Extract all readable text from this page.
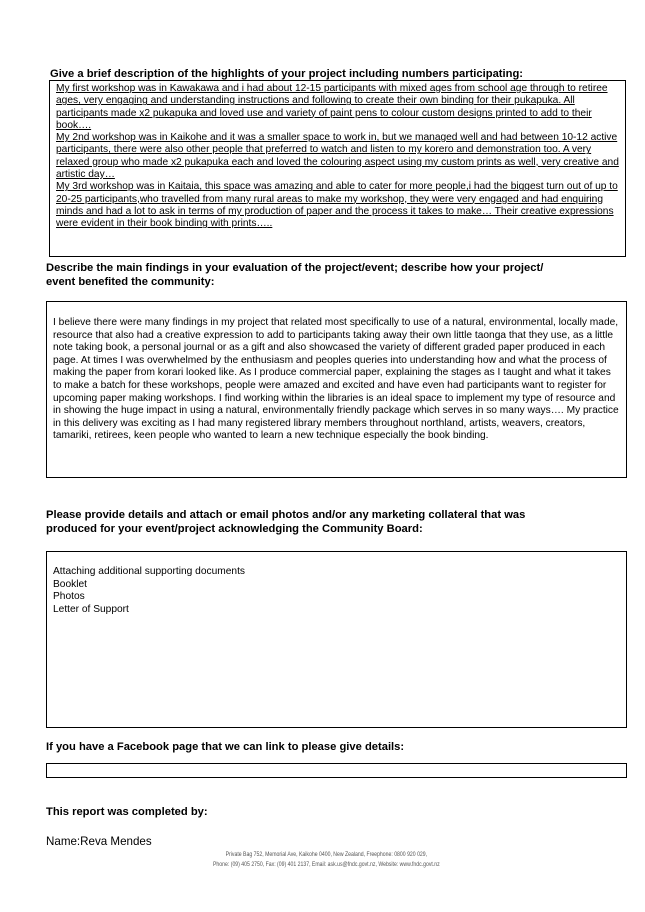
Give a brief description of the highlights of your project including numbers participating:

My first workshop was in Kawakawa and i had about 12-15 participants with mixed ages from school age through to retiree ages, very engaging and understanding instructions and following to create their own binding for their pukapuka. All participants made x2 pukapuka and loved use and variety of paint pens to colour custom designs printed to add to their book….

My 2nd workshop was in Kaikohe and it was a smaller space to work in, but we managed well and had between 10-12 active participants, there were also other people that preferred to watch and listen to my korero and demonstration too. A very relaxed group who made x2 pukapuka each and loved the colouring aspect using my custom prints as well, very creative and artistic day…

My 3rd workshop was in Kaitaia, this space was amazing and able to cater for more people,i had the biggest turn out of up to 20-25 participants,who travelled from many rural areas to make my workshop, they were very engaged and had enquiring minds and had a lot to ask in terms of my production of paper and the process it takes to make… Their creative expressions were evident in their book binding with prints…..

Describe the main findings in your evaluation of the project/event; describe how your project/
event benefited the community:

I believe there were many findings in my project that related most specifically to use of a natural, environmental, locally made, resource that also had a creative expression to add to participants taking away their own little taonga that they use, as a little note taking book, a personal journal or as a gift and also showcased the variety of different graded paper produced in each page. At times I was overwhelmed by the enthusiasm and peoples queries into understanding how and what the process of making the paper from korari looked like. As I produce commercial paper, explaining the stages as I taught and what it takes to make a batch for these workshops, people were amazed and excited and have even had participants want to register for upcoming paper making workshops. I find working within the libraries is an ideal space to implement my type of resource and in showing the huge impact in using a natural, environmentally friendly package which serves in so many ways…. My practice in this delivery was exciting as I had many registered library members throughout northland, artists, weavers, creators, tamariki, retirees, keen people who wanted to learn a new technique especially the book binding.

Please provide details and attach or email photos and/or any marketing collateral that was
produced for your event/project acknowledging the Community Board:

Attaching additional supporting documents

Booklet

Photos

Letter of Support

If you have a Facebook page that we can link to please give details:
This report was completed by:
Name:Reva Mendes
Private Bag 752, Memorial Ave, Kaikohe 0400, New Zealand, Freephone: 0800 920 029,
Phone: (09) 405 2750, Fax: (09) 401 2137, Email: ask.us@fndc.govt.nz, Website: www.fndc.govt.nz
